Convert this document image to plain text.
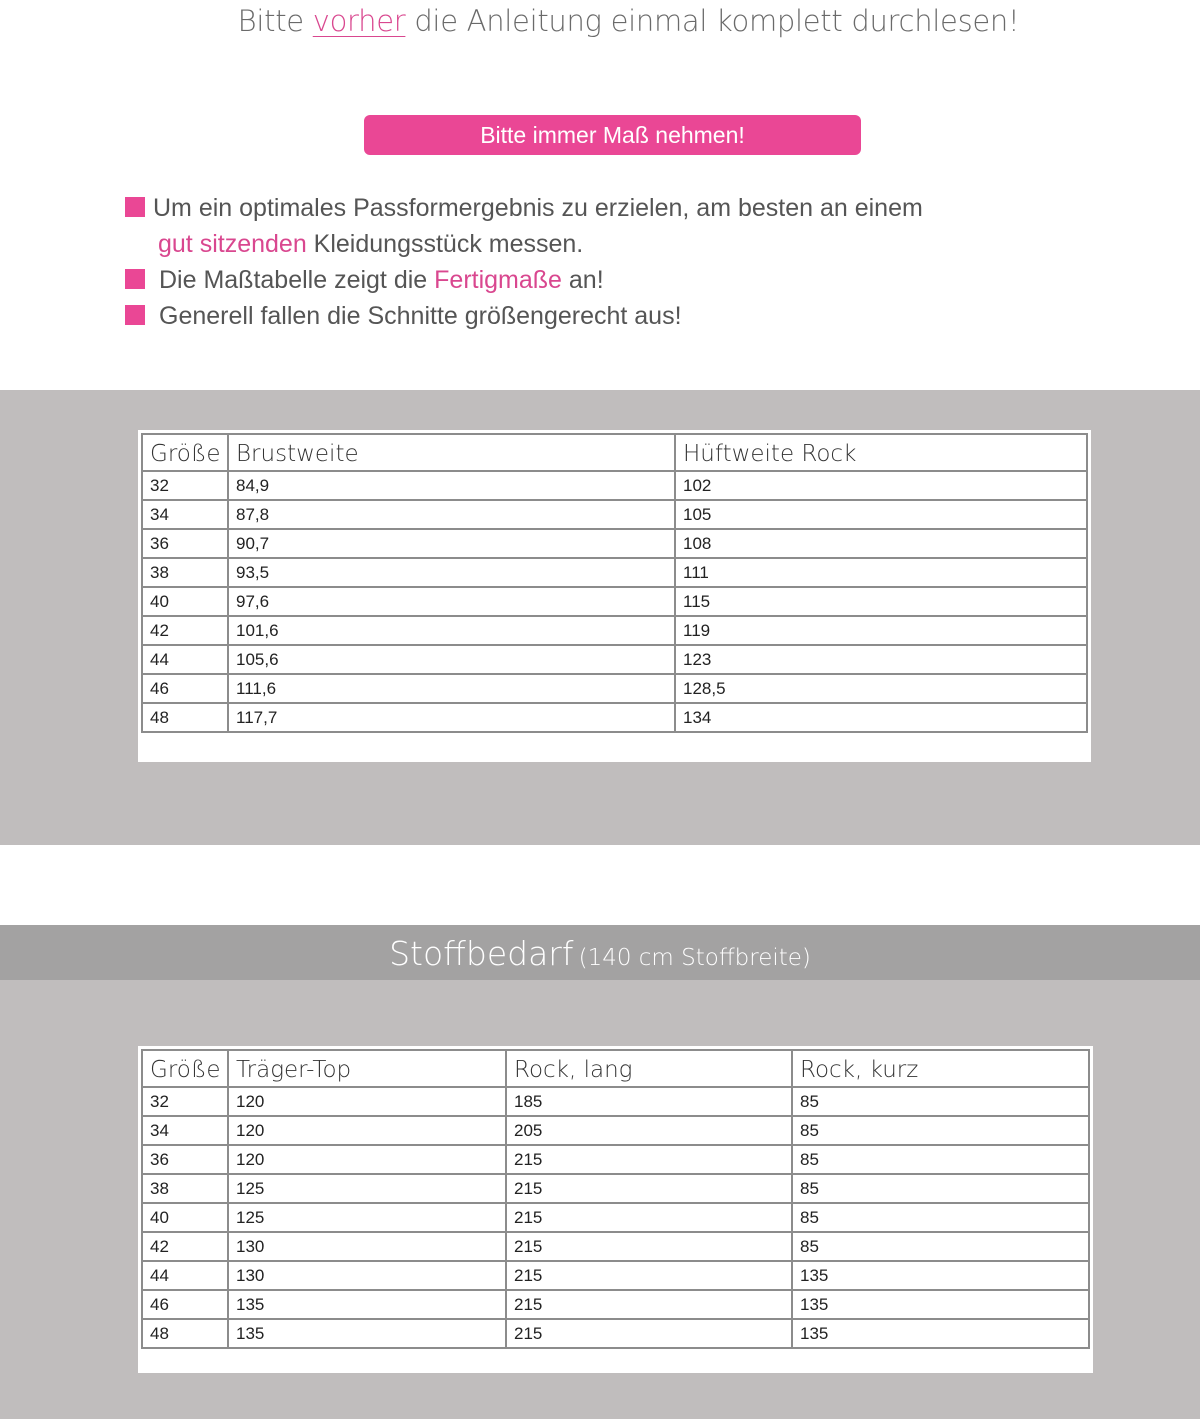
Bitte vorher die Anleitung einmal komplett durchlesen!
Bitte immer Maß nehmen!
Um ein optimales Passformergebnis zu erzielen, am besten an einem
gut sitzenden Kleidungsstück messen.
Die Maßtabelle zeigt die Fertigmaße an!
Generell fallen die Schnitte größengerecht aus!
Größe	Brustweite	Hüftweite Rock
32	84,9	102
34	87,8	105
36	90,7	108
38	93,5	111
40	97,6	115
42	101,6	119
44	105,6	123
46	111,6	128,5
48	117,7	134
Stoffbedarf (140 cm Stoffbreite)
Größe	Träger-Top	Rock, lang	Rock, kurz
32	120	185	85
34	120	205	85
36	120	215	85
38	125	215	85
40	125	215	85
42	130	215	85
44	130	215	135
46	135	215	135
48	135	215	135
